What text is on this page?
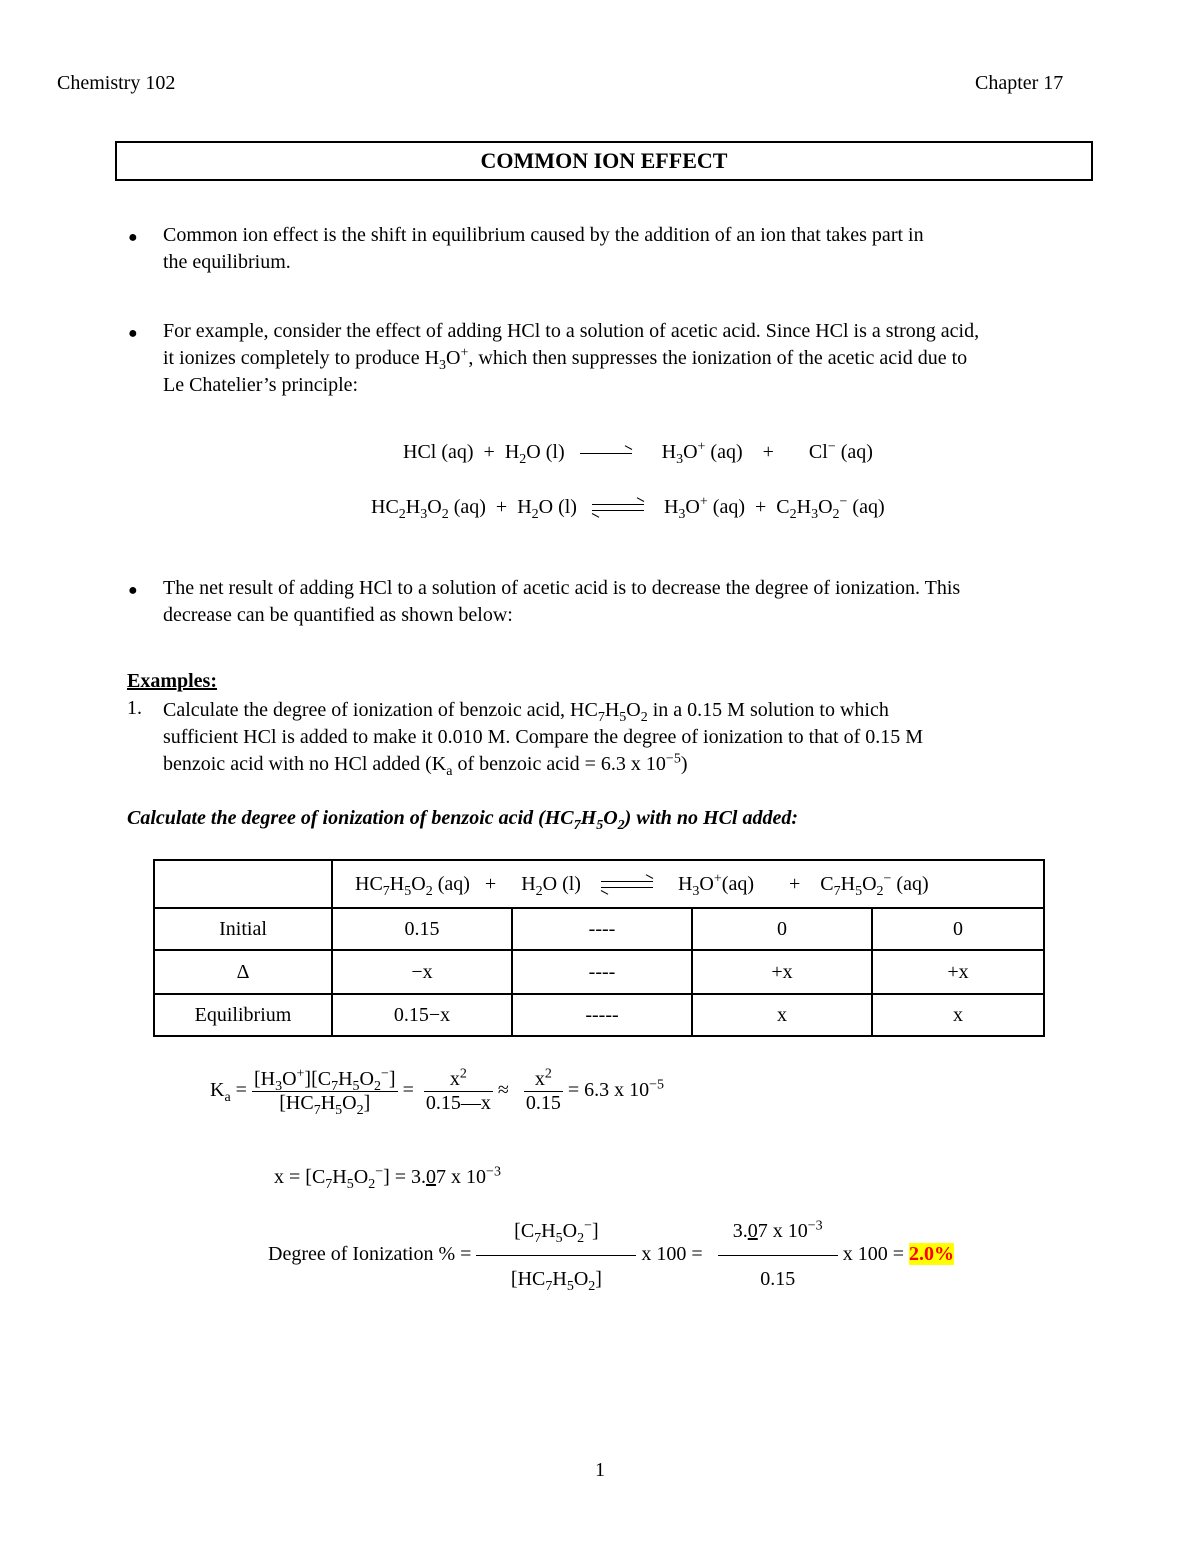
Chemistry 102	Chapter 17
COMMON ION EFFECT
● Common ion effect is the shift in equilibrium caused by the addition of an ion that takes part in
the equilibrium.
● For example, consider the effect of adding HCl to a solution of acetic acid. Since HCl is a strong acid,
it ionizes completely to produce $H_3O^+$, which then suppresses the ionization of the acetic acid due to
Le Chatelier’s principle:
HCl $(aq) + H_2O$ (l)	$H_3O^+$ (aq) + Cl− (aq)
$HC_2H_3O_2$ $(aq) + H_2O$ (l) ⇌ $H_3O^+$ $(aq) + C_2H_3O_2^-$ (aq)
● The net result of adding HCl to a solution of acetic acid is to decrease the degree of ionization. This
decrease can be quantified as shown below:
Examples:
1. Calculate the degree of ionization of benzoic acid, $HC_7H_5O_2$ in a 0.15 M solution to which
sufficient HCl is added to make it 0.010 M. Compare the degree of ionization to that of 0.15 M
benzoic acid with no HCl added ($K_a$ of benzoic acid = 6.3 x $10^{-5}$)
Calculate the degree of ionization of benzoic acid $(HC_7H_5O_2)$ with no HCl added:
	$HC_7H_5O_2$ $(aq) + H_2O$ (l) ⇌ $H_3O^+(aq) + C_7H_5O_2^-$ (aq)			
Initial	0.15	----	0	0
Δ	−x	----	+x	+x
Equilibrium	0.15−x	-----	x	x
$K_a = \frac{[H_3O^+][C_7H_5O_2^-]}{[HC_7H_5O_2]} = \frac{x^2}{0.15—x} \approx \frac{x^2}{0.15} = 6.3$ x $10^{-5}$
$x = [C_7H_5O_2^-] = 3.07$ x $10^{-3}$
Degree of Ionization % = $\frac{[C_7H_5O_2^-]}{[HC_7H_5O_2]}$ x $100 = \frac{3.07 x 10^{-3}}{0.15}$ x 100 = 2.0%
1
